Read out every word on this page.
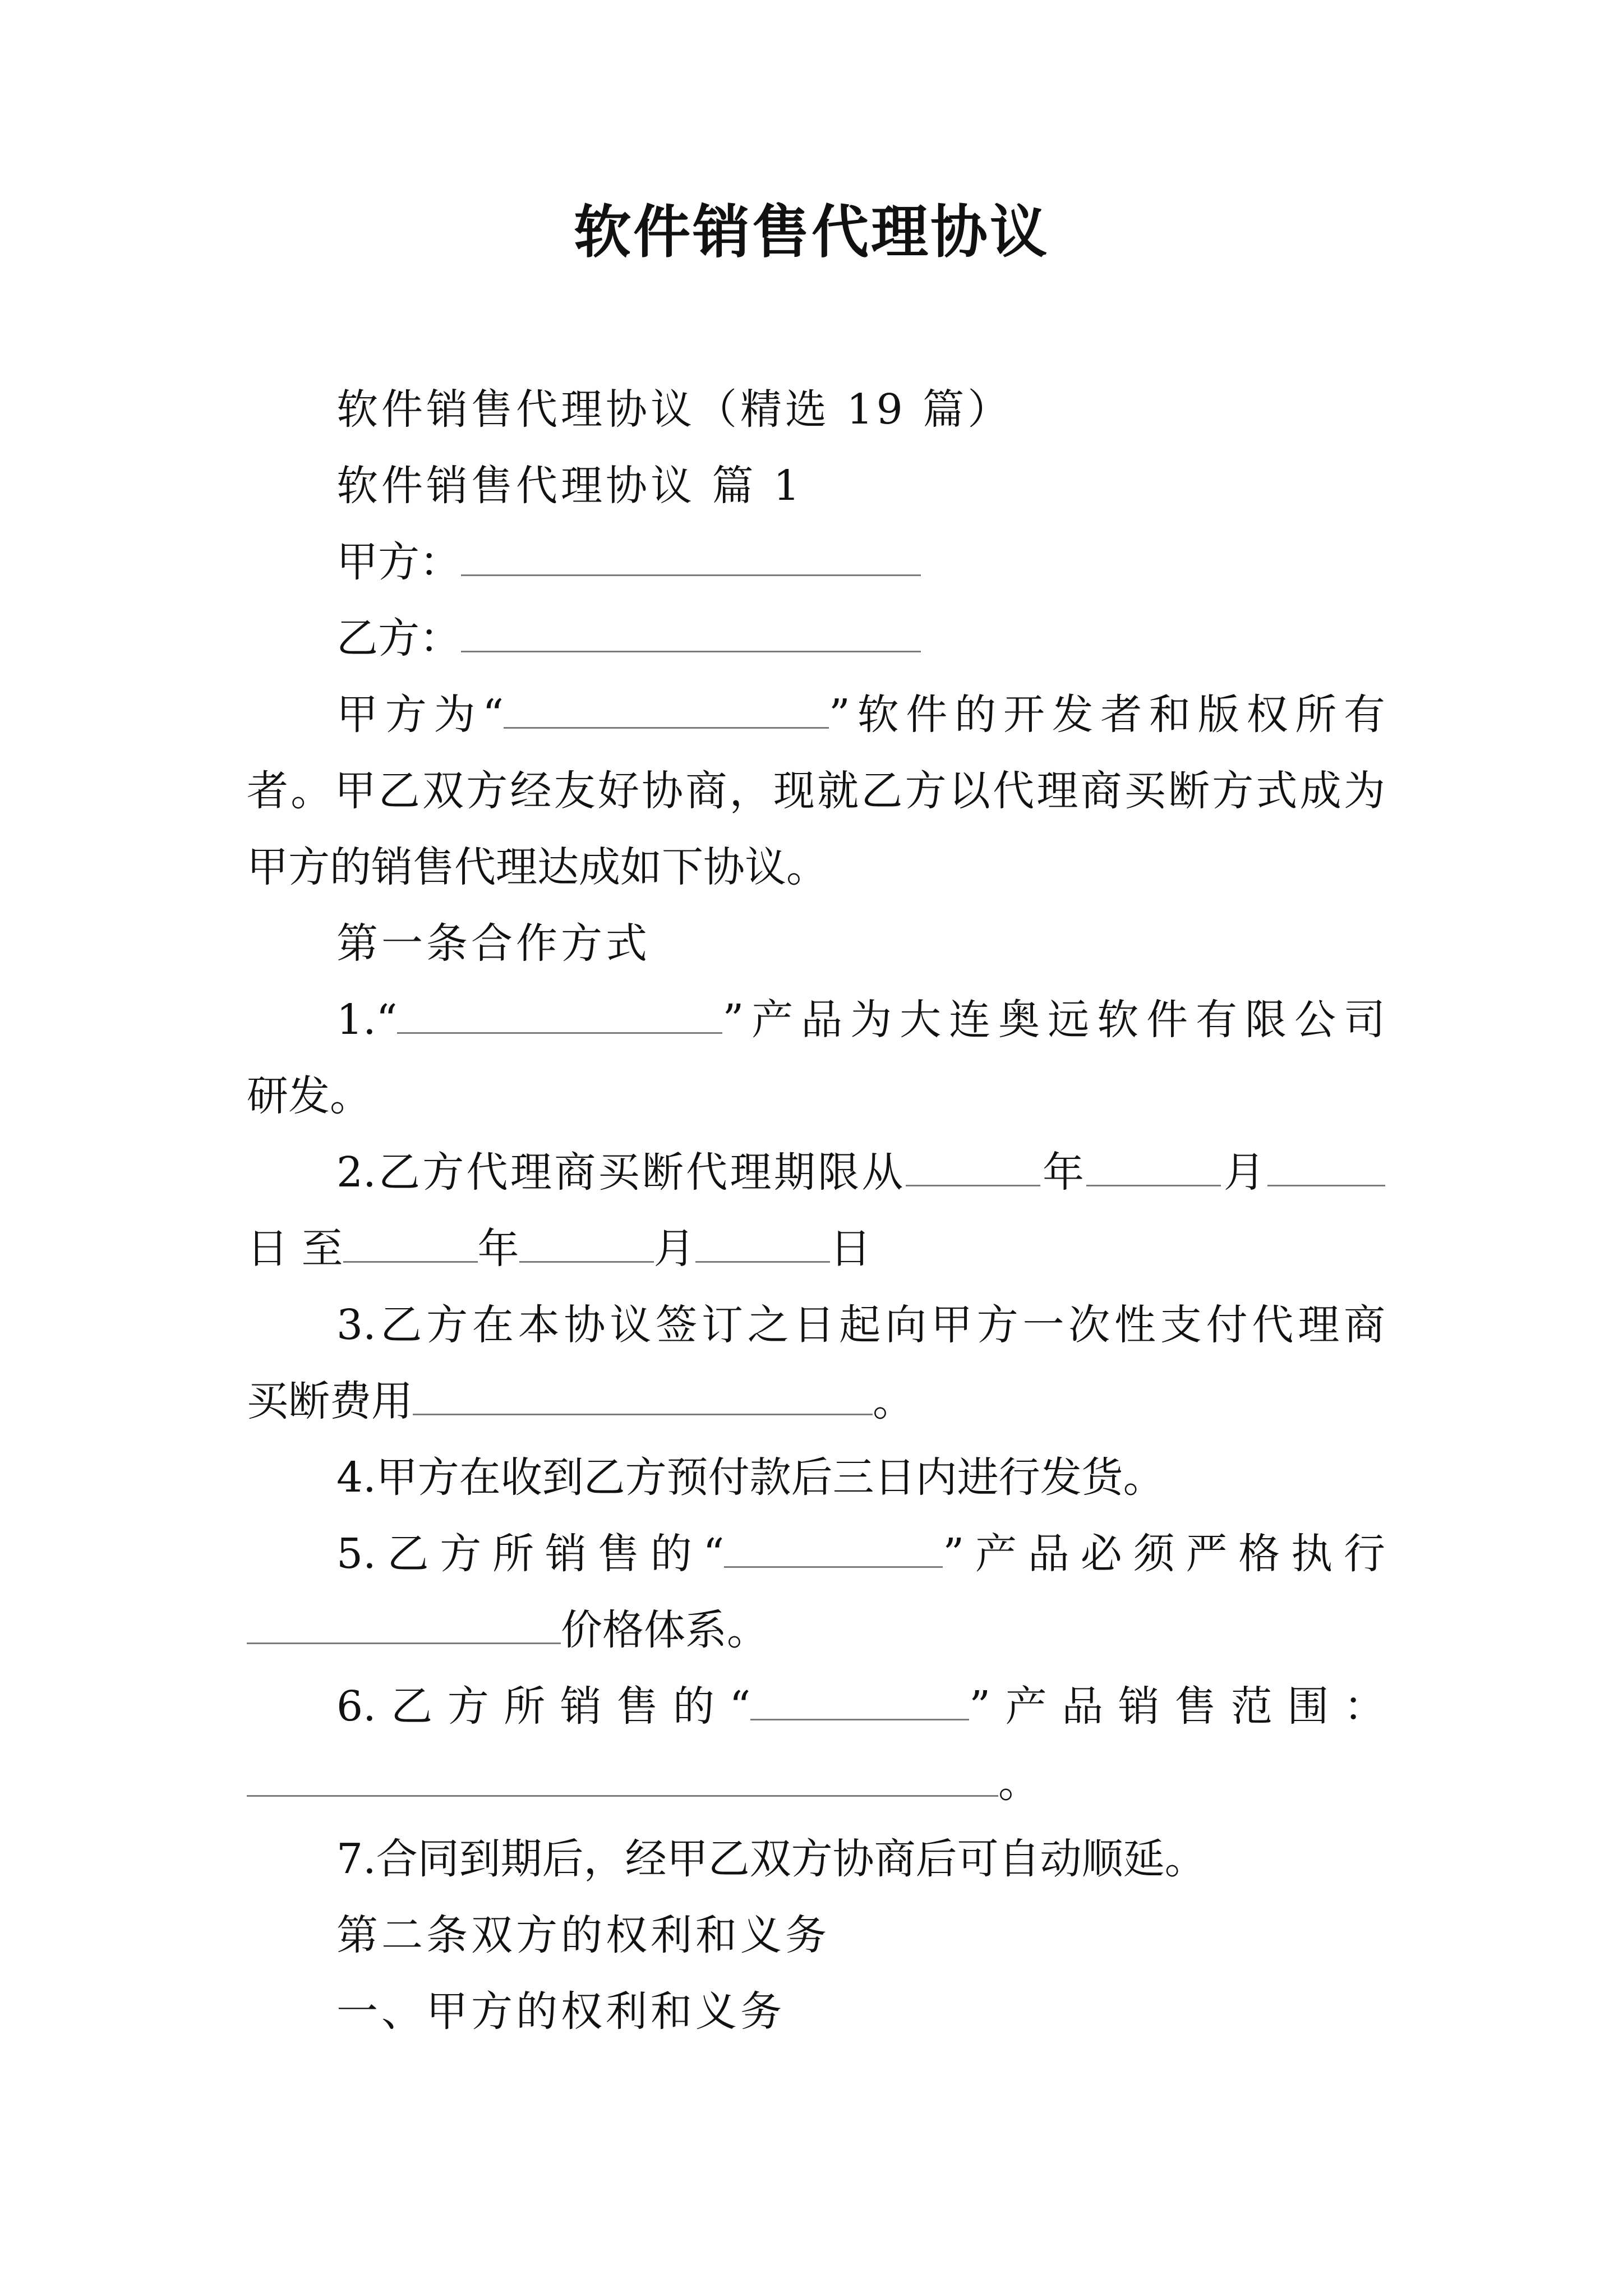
软件销售代理协议
软件销售代理协议（精选 19 篇）
软件销售代理协议 篇 1
甲方：
乙方：
甲方为“	”软件的开发者和版权所有
者。甲乙双方经友好协商，现就乙方以代理商买断方式成为
甲方的销售代理达成如下协议。
第一条合作方式
1.“	”产品为大连奥远软件有限公司
研发。
2.乙方代理商买断代理期限从	年	月
日 至	年	月	日
3.乙方在本协议签订之日起向甲方一次性支付代理商
买断费用	。
4.甲方在收到乙方预付款后三日内进行发货。
5.乙方所销售的“	”产品必须严格执行
价格体系。
6.乙方所销售的“	”产品销售范围：
。
7.合同到期后，经甲乙双方协商后可自动顺延。
第二条双方的权利和义务
一、甲方的权利和义务
